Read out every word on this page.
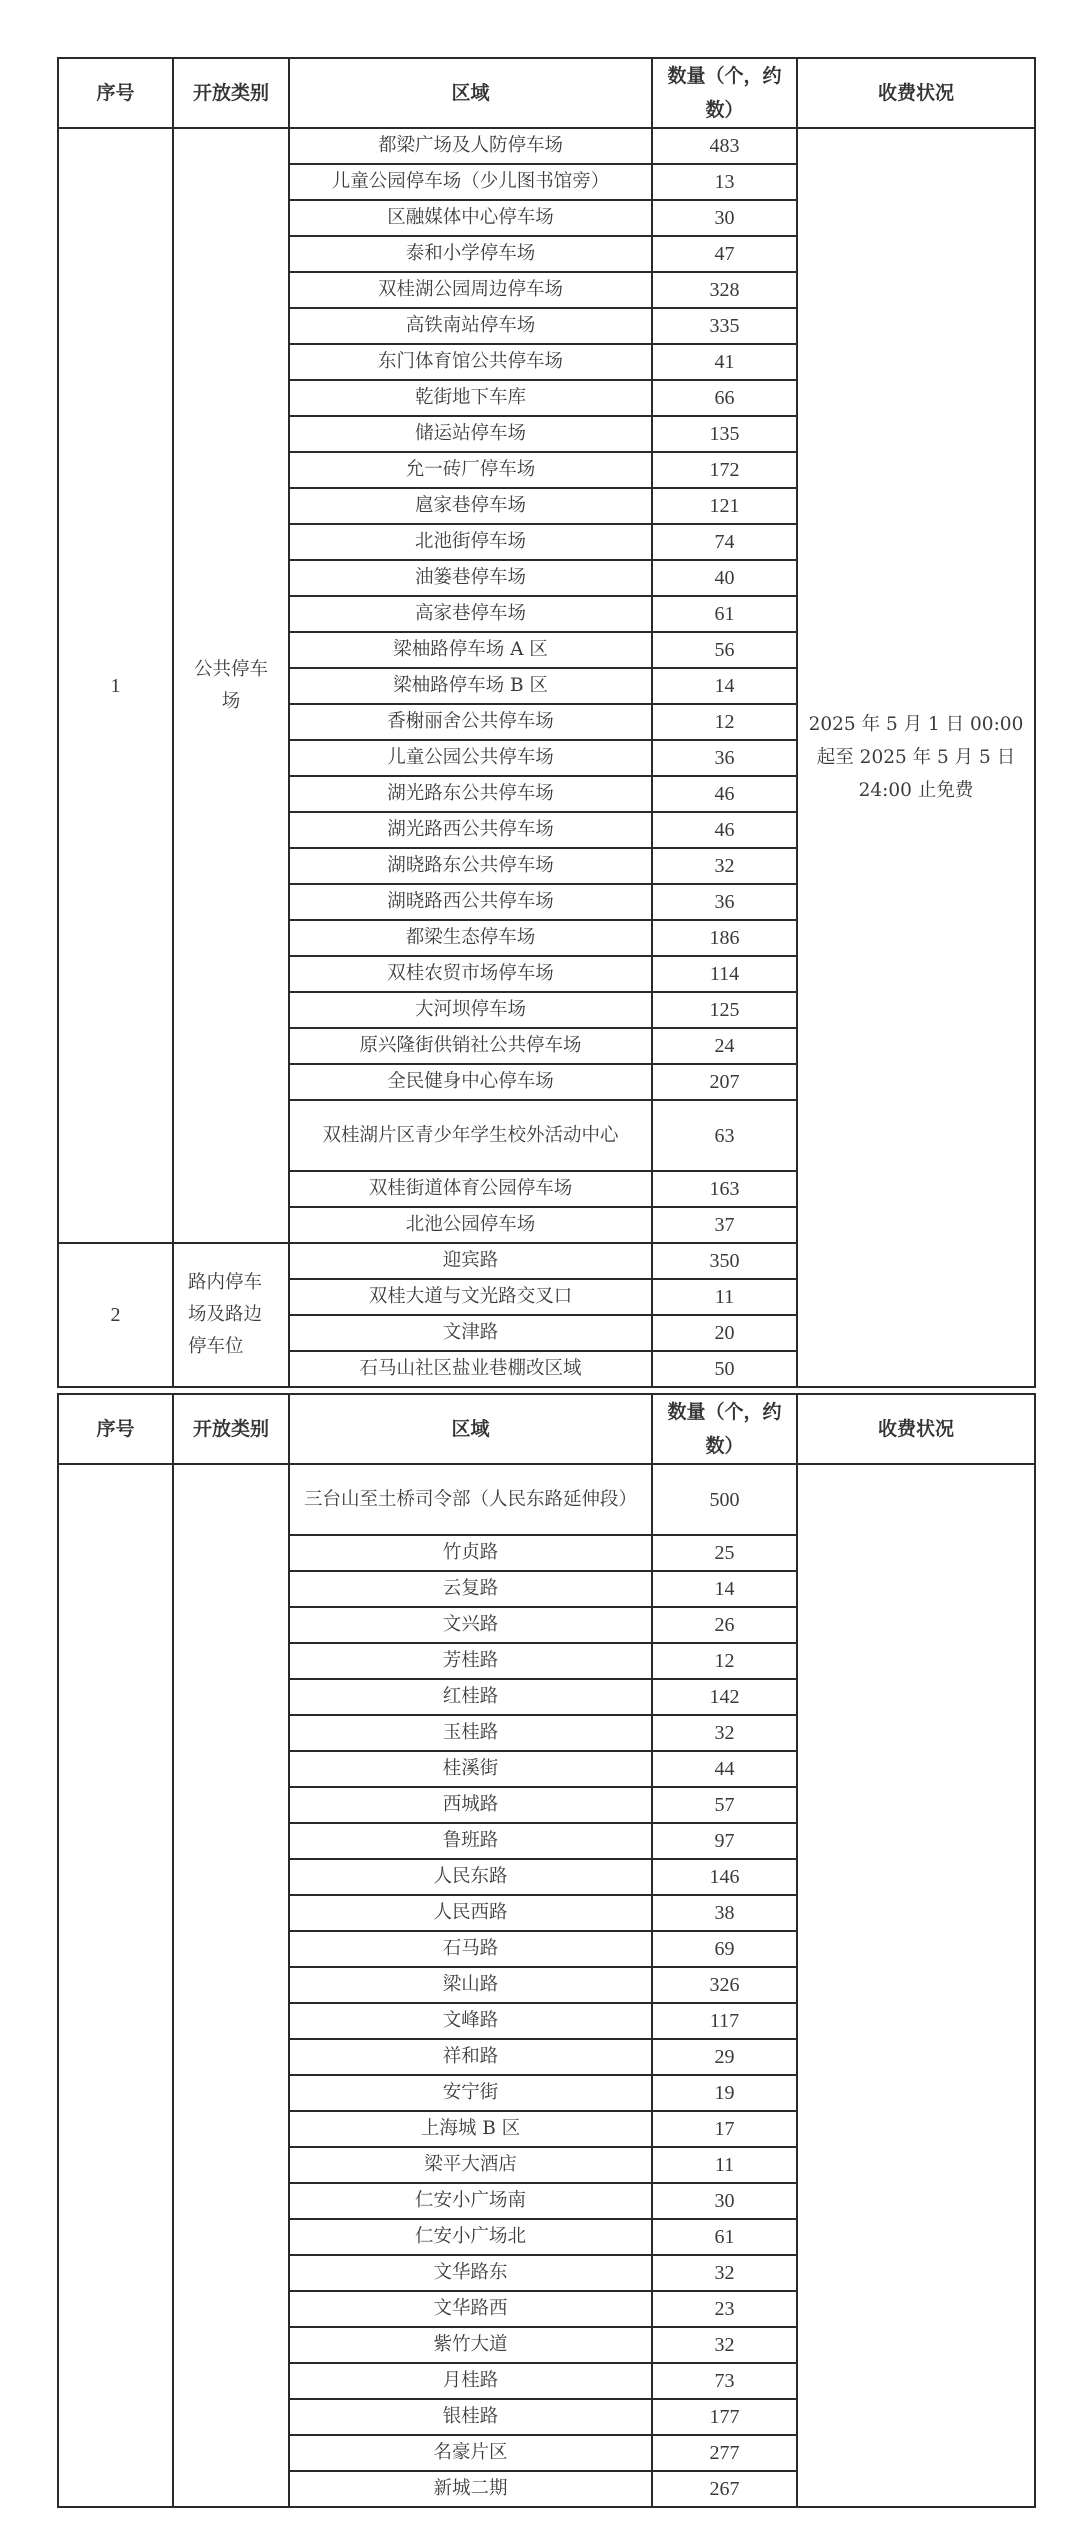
序号	开放类别	区域	数量（个，约数）	收费状况
1	公共停车场	都梁广场及人防停车场	483	2025 年 5 月 1 日 00:00 起至 2025 年 5 月 5 日 24:00 止免费
		儿童公园停车场（少儿图书馆旁）	13	
		区融媒体中心停车场	30	
		泰和小学停车场	47	
		双桂湖公园周边停车场	328	
		高铁南站停车场	335	
		东门体育馆公共停车场	41	
		乾街地下车库	66	
		储运站停车场	135	
		允一砖厂停车场	172	
		扈家巷停车场	121	
		北池街停车场	74	
		油篓巷停车场	40	
		高家巷停车场	61	
		梁柚路停车场 A 区	56	
		梁柚路停车场 B 区	14	
		香榭丽舍公共停车场	12	
		儿童公园公共停车场	36	
		湖光路东公共停车场	46	
		湖光路西公共停车场	46	
		湖晓路东公共停车场	32	
		湖晓路西公共停车场	36	
		都梁生态停车场	186	
		双桂农贸市场停车场	114	
		大河坝停车场	125	
		原兴隆街供销社公共停车场	24	
		全民健身中心停车场	207	
		双桂湖片区青少年学生校外活动中心	63	
		双桂街道体育公园停车场	163	
		北池公园停车场	37	
2	路内停车场及路边停车位	迎宾路	350	
		双桂大道与文光路交叉口	11	
		文津路	20	
		石马山社区盐业巷棚改区域	50	
序号	开放类别	区域	数量（个，约数）	收费状况
		三台山至土桥司令部（人民东路延伸段）	500	
		竹贞路	25	
		云复路	14	
		文兴路	26	
		芳桂路	12	
		红桂路	142	
		玉桂路	32	
		桂溪街	44	
		西城路	57	
		鲁班路	97	
		人民东路	146	
		人民西路	38	
		石马路	69	
		梁山路	326	
		文峰路	117	
		祥和路	29	
		安宁街	19	
		上海城 B 区	17	
		梁平大酒店	11	
		仁安小广场南	30	
		仁安小广场北	61	
		文华路东	32	
		文华路西	23	
		紫竹大道	32	
		月桂路	73	
		银桂路	177	
		名豪片区	277	
		新城二期	267	
